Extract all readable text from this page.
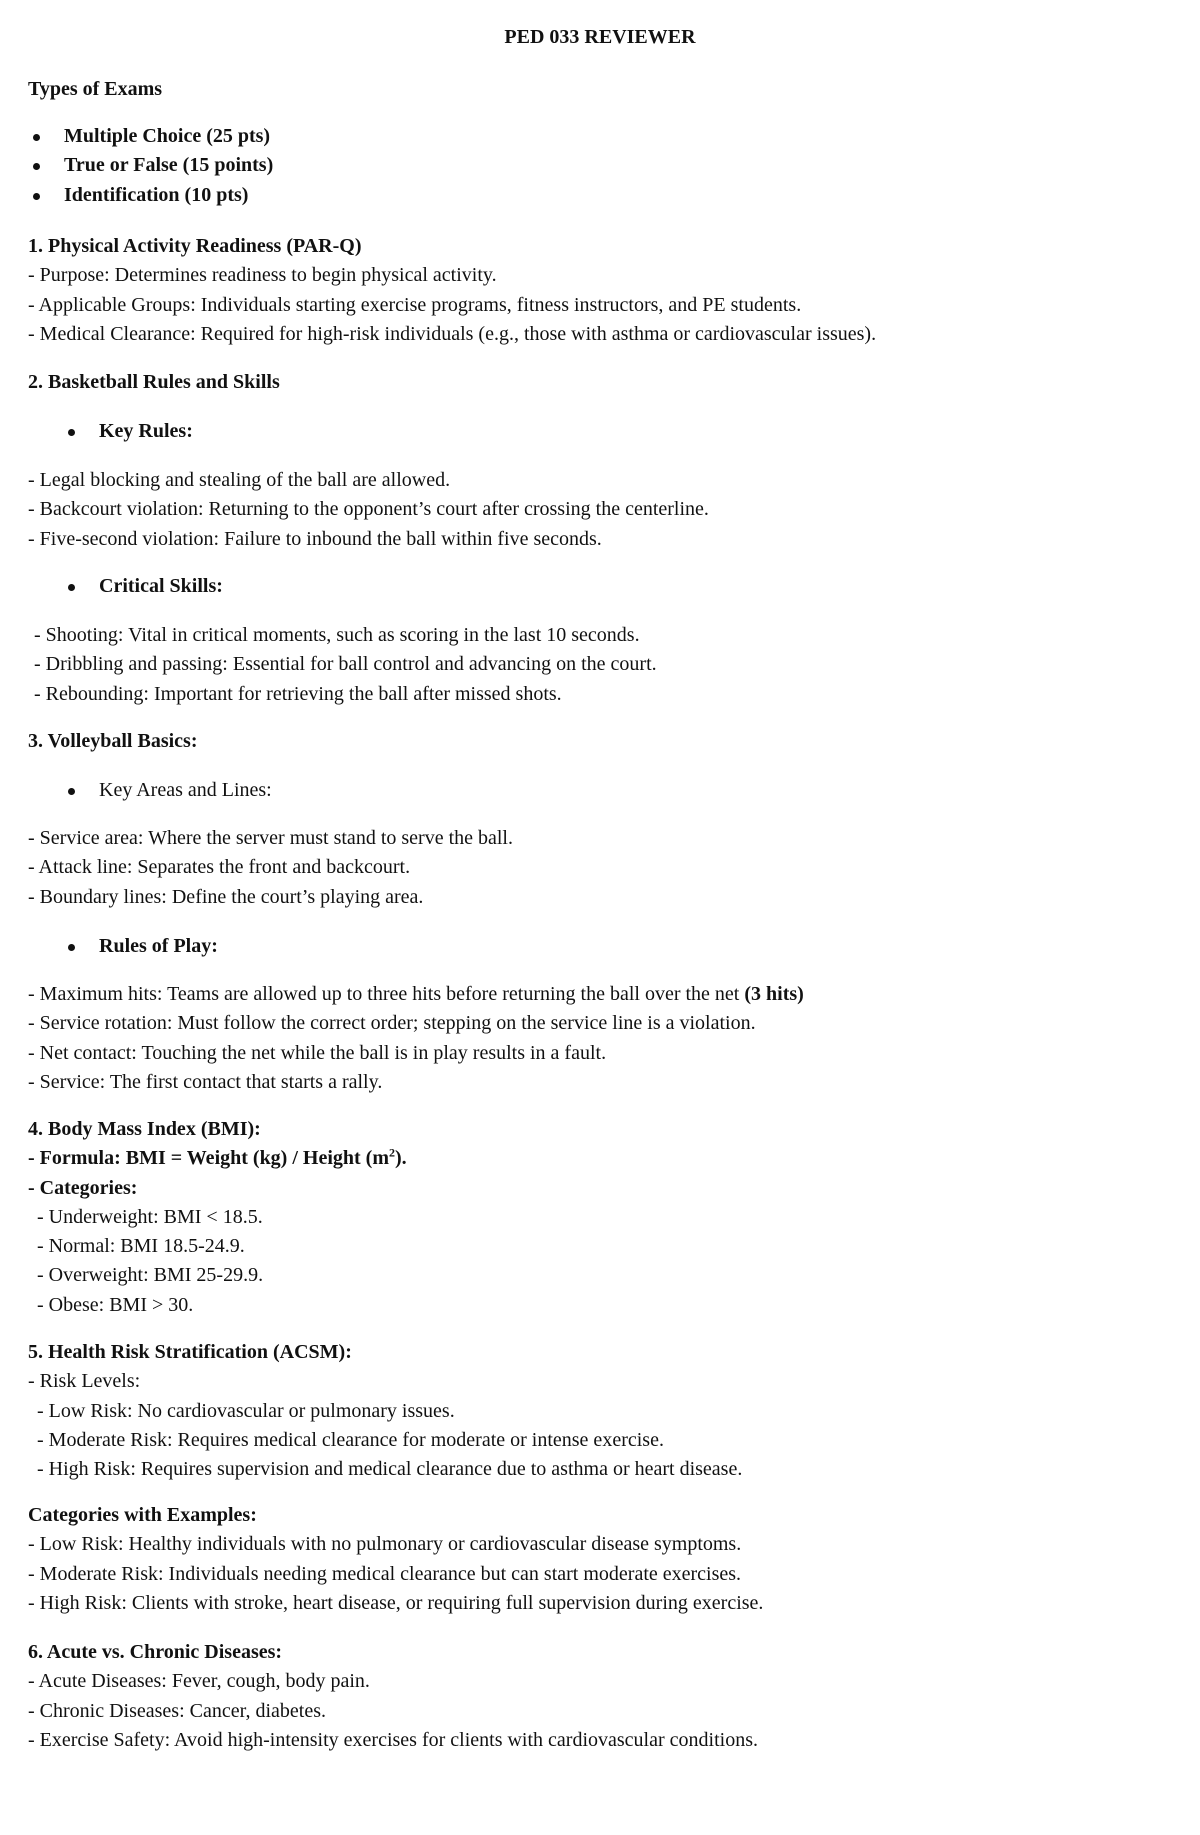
PED 033 REVIEWER
Types of Exams
Multiple Choice (25 pts)
True or False (15 points)
Identification (10 pts)
1. Physical Activity Readiness (PAR-Q)
- Purpose: Determines readiness to begin physical activity.
- Applicable Groups: Individuals starting exercise programs, fitness instructors, and PE students.
- Medical Clearance: Required for high-risk individuals (e.g., those with asthma or cardiovascular issues).
2. Basketball Rules and Skills
Key Rules:
- Legal blocking and stealing of the ball are allowed.
- Backcourt violation: Returning to the opponent’s court after crossing the centerline.
- Five-second violation: Failure to inbound the ball within five seconds.
Critical Skills:
- Shooting: Vital in critical moments, such as scoring in the last 10 seconds.
- Dribbling and passing: Essential for ball control and advancing on the court.
- Rebounding: Important for retrieving the ball after missed shots.
3. Volleyball Basics:
Key Areas and Lines:
- Service area: Where the server must stand to serve the ball.
- Attack line: Separates the front and backcourt.
- Boundary lines: Define the court’s playing area.
Rules of Play:
- Maximum hits: Teams are allowed up to three hits before returning the ball over the net (3 hits)
- Service rotation: Must follow the correct order; stepping on the service line is a violation.
- Net contact: Touching the net while the ball is in play results in a fault.
- Service: The first contact that starts a rally.
4. Body Mass Index (BMI):
- Formula: BMI = Weight (kg) / Height $(m^2)$.
- Categories:
- Underweight: BMI < 18.5.
- Normal: BMI 18.5-24.9.
- Overweight: BMI 25-29.9.
- Obese: BMI > 30.
5. Health Risk Stratification (ACSM):
- Risk Levels:
- Low Risk: No cardiovascular or pulmonary issues.
- Moderate Risk: Requires medical clearance for moderate or intense exercise.
- High Risk: Requires supervision and medical clearance due to asthma or heart disease.
Categories with Examples:
- Low Risk: Healthy individuals with no pulmonary or cardiovascular disease symptoms.
- Moderate Risk: Individuals needing medical clearance but can start moderate exercises.
- High Risk: Clients with stroke, heart disease, or requiring full supervision during exercise.
6. Acute vs. Chronic Diseases:
- Acute Diseases: Fever, cough, body pain.
- Chronic Diseases: Cancer, diabetes.
- Exercise Safety: Avoid high-intensity exercises for clients with cardiovascular conditions.
